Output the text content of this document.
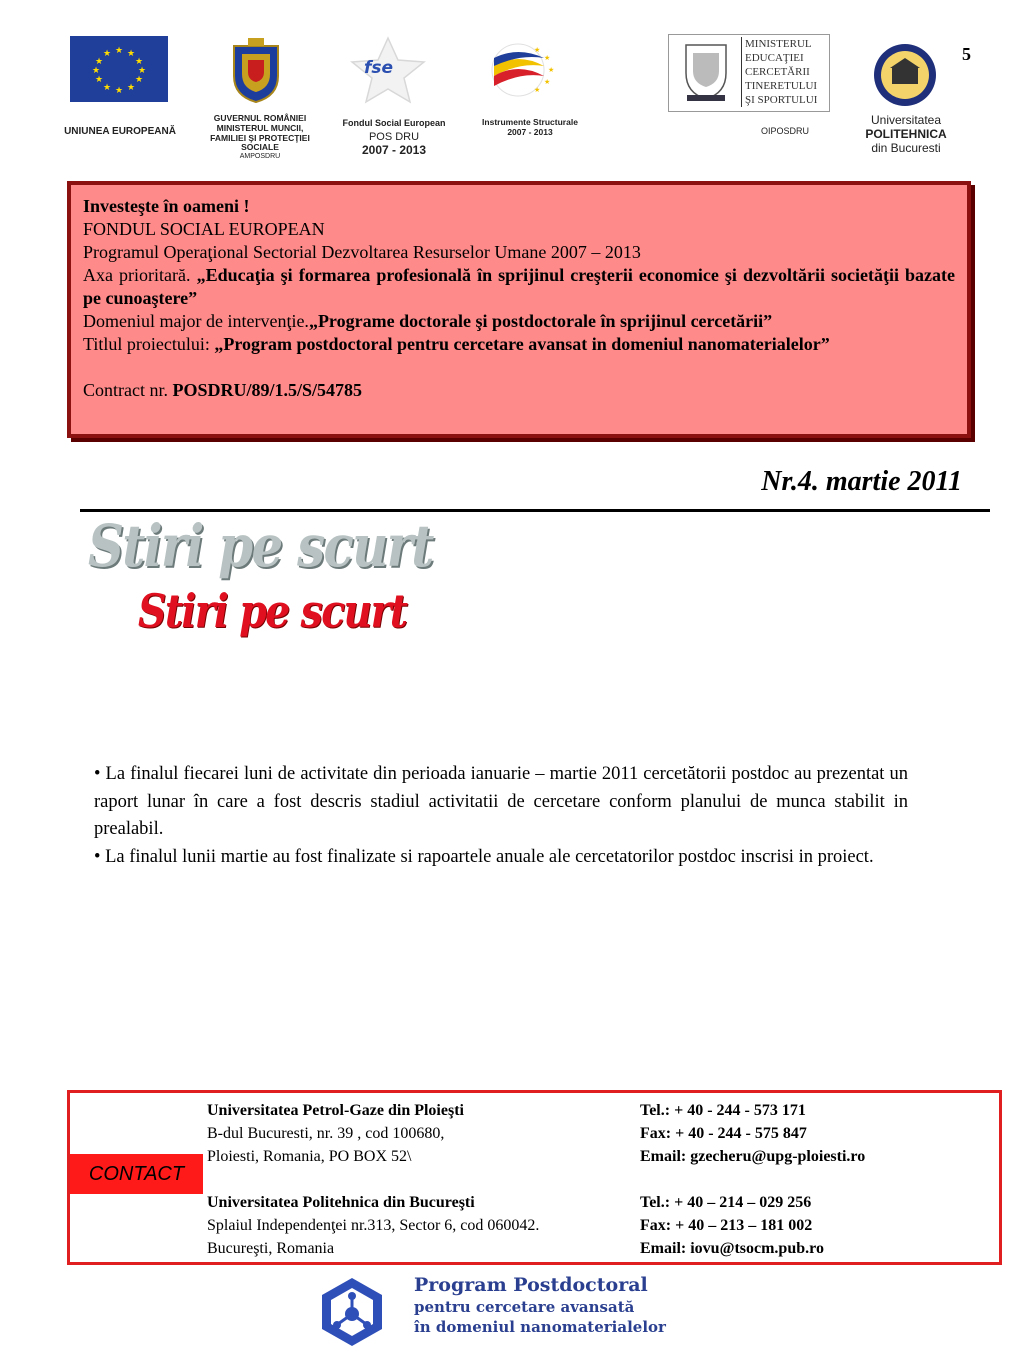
5
★ ★
★
★
★
★
★
★
★
★
★
★
UNIUNEA EUROPEANĂ
GUVERNUL ROMÂNIEI
MINISTERUL MUNCII,
FAMILIEI ŞI PROTECŢIEI
SOCIALE
AMPOSDRU
fse
Fondul Social European
POS DRU
2007 - 2013
★
★
★
★
★
Instrumente Structurale
2007 - 2013
MINISTERUL
EDUCAŢIEI
CERCETĂRII
TINERETULUI
ŞI SPORTULUI
OIPOSDRU
Universitatea
POLITEHNICA
din Bucuresti
Investeşte în oameni !
FONDUL SOCIAL EUROPEAN
Programul Operaţional Sectorial Dezvoltarea Resurselor Umane 2007 – 2013
Axa prioritară. „Educaţia şi formarea profesională în sprijinul creşterii economice şi dezvoltării societăţii bazate pe cunoaştere”
Domeniul major de intervenţie.„Programe doctorale şi postdoctorale în sprijinul cercetării”
Titlul proiectului: „Program postdoctoral pentru cercetare avansat in domeniul nanomaterialelor”
Contract nr. POSDRU/89/1.5/S/54785
Nr.4. martie 2011
Stiri pe scurt
Stiri pe scurt

• La finalul fiecarei luni de activitate din perioada ianuarie – martie 2011 cercetătorii postdoc au prezentat un raport lunar în care a fost descris stadiul activitatii de cercetare conform planului de munca stabilit in prealabil.

• La finalul lunii martie au fost finalizate si rapoartele anuale ale cercetatorilor postdoc inscrisi in proiect.

CONTACT
Universitatea Petrol-Gaze din Ploieşti
B-dul Bucuresti, nr. 39 , cod 100680,
Ploiesti, Romania, PO BOX 52\
Tel.: + 40 - 244 - 573 171
Fax: + 40 - 244 - 575 847
Email: gzecheru@upg-ploiesti.ro
Universitatea Politehnica din Bucureşti
Splaiul Independenţei nr.313, Sector 6, cod 060042.
Bucureşti, Romania
Tel.: + 40 – 214 – 029 256
Fax: + 40 – 213 – 181 002
Email: iovu@tsocm.pub.ro
Program Postdoctoral
pentru cercetare avansată
în domeniul nanomaterialelor
